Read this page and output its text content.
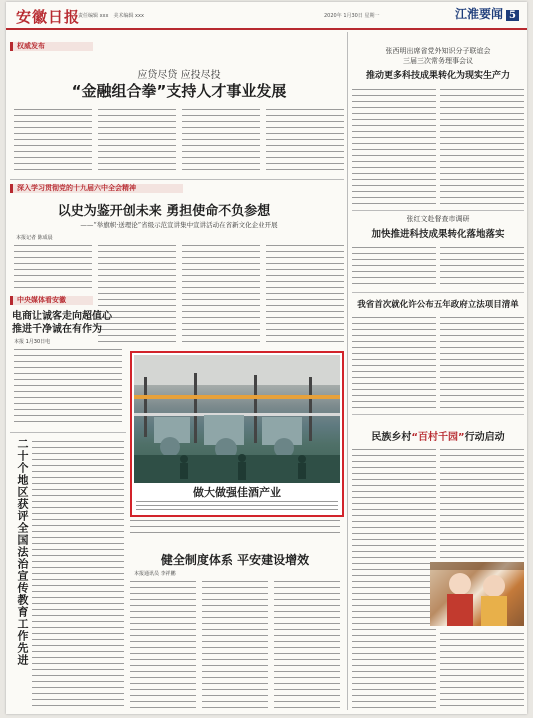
安徽日报
责任编辑 xxx　美术编辑 xxx	2020年 1月30日 星期一	江淮要闻 5
权威发布
应贷尽贷 应投尽投
“金融组合拳”支持人才事业发展
深入学习贯彻党的十九届六中全会精神
以史为鉴开创未来 勇担使命不负参想
——“举旗帜·送理论”省级示范宣讲集中宣讲活动在省新文化企业开展
本报记者 陈成晨
中央媒体看安徽
电商让诚客走向超值心
推进千净诚在有作为
本报 1月30日电
二十个地区获评全国法治宣传教育工作先进	做大做强佳酒产业
健全制度体系 平安建设增效
本报通讯员 李祥鹏
张西明出席省党外知识分子联谊会
三届三次常务理事会议
推动更多科技成果转化为现实生产力
张红文赴督查市调研
加快推进科技成果转化落地落实
我省首次就化许公布五年政府立法项目清单
民族乡村“百村千园”行动启动
